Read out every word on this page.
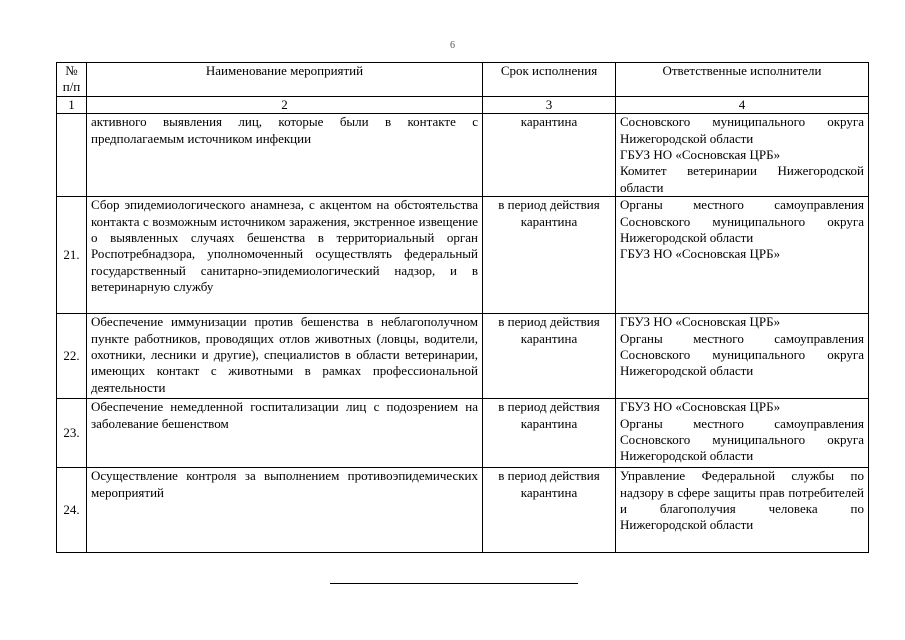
6
№ п/п	Наименование мероприятий	Срок исполнения	Ответственные исполнители
1	2	3	4
	активного выявления лиц, которые были в контакте с предполагаемым источником инфекции	карантина	Сосновского муниципального округа Нижегородской области
ГБУЗ НО «Сосновская ЦРБ»
Комитет ветеринарии Нижегородской области

21.	Сбор эпидемиологического анамнеза, с акцентом на обстоятельства контакта с возможным источником заражения, экстренное извещение о выявленных случаях бешенства в территориальный орган Роспотребнадзора, уполномоченный осуществлять федеральный государственный санитарно-эпидемиологический надзор, и в ветеринарную службу	в период действия карантина	Органы местного самоуправления Сосновского муниципального округа Нижегородской области
ГБУЗ НО «Сосновская ЦРБ»

22.	Обеспечение иммунизации против бешенства в неблагополучном пункте работников, проводящих отлов животных (ловцы, водители, охотники, лесники и другие), специалистов в области ветеринарии, имеющих контакт с животными в рамках профессиональной деятельности	в период действия карантина	ГБУЗ НО «Сосновская ЦРБ»
Органы местного самоуправления Сосновского муниципального округа Нижегородской области

23.	Обеспечение немедленной госпитализации лиц с подозрением на заболевание бешенством	в период действия карантина	ГБУЗ НО «Сосновская ЦРБ»
Органы местного самоуправления Сосновского муниципального округа Нижегородской области

24.	Осуществление контроля за выполнением противоэпидемических мероприятий	в период действия карантина	Управление Федеральной службы по надзору в сфере защиты прав потребителей и благополучия человека по Нижегородской области
